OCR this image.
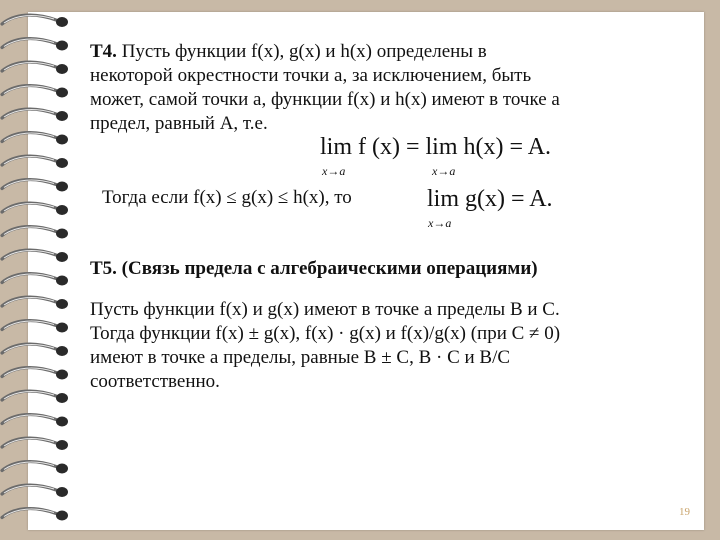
Т4. Пусть функции f(x), g(x) и h(x) определены в
некоторой окрестности точки a, за исключением, быть
может, самой точки a, функции f(x) и h(x) имеют в точке a
предел, равный A, т.е.

lim f (x) = lim h(x) = A.
x→a	x→a
Тогда если f(x) ≤ g(x) ≤ h(x), то	lim g(x) = A.
x→a
Т5. (Связь предела с алгебраическими операциями)
Пусть функции f(x) и g(x) имеют в точке a пределы B и C.
Тогда функции f(x) ± g(x), f(x) · g(x) и f(x)/g(x) (при C ≠ 0)
имеют в точке a пределы, равные B ± C, B · C и B/C
соответственно.
19
